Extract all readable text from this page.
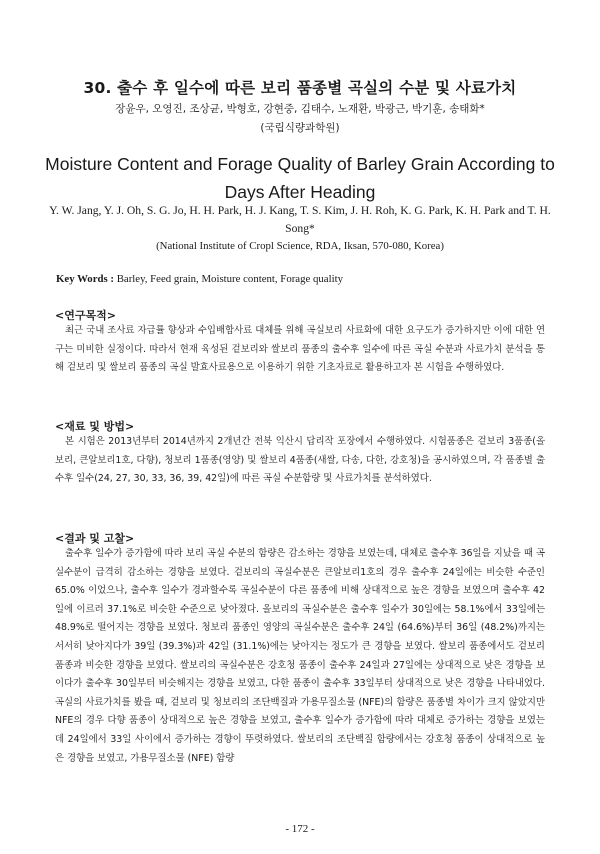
30. 출수 후 일수에 따른 보리 품종별 곡실의 수분 및 사료가치
장윤우, 오영진, 조상균, 박형호, 강현중, 김태수, 노재환, 박광근, 박기훈, 송태화*
(국립식량과학원)
Moisture Content and Forage Quality of Barley Grain According to Days After Heading
Y. W. Jang, Y. J. Oh, S. G. Jo, H. H. Park, H. J. Kang, T. S. Kim, J. H. Roh, K. G. Park, K. H. Park and T. H. Song*
(National Institute of Cropl Science, RDA, Iksan, 570-080, Korea)
Key Words : Barley, Feed grain, Moisture content, Forage quality
<연구목적>

최근 국내 조사료 자급률 향상과 수입배합사료 대체를 위해 곡실보리 사료화에 대한 요구도가 증가하지만 이에 대한 연구는 미비한 실정이다. 따라서 현재 육성된 겉보리와 쌀보리 품종의 출수후 일수에 따른 곡실 수분과 사료가치 분석을 통해 겉보리 및 쌀보리 품종의 곡실 발효사료용으로 이용하기 위한 기초자료로 활용하고자 본 시험을 수행하였다.

<재료 및 방법>

본 시험은 2013년부터 2014년까지 2개년간 전북 익산시 답리작 포장에서 수행하였다. 시험품종은 겉보리 3품종(올보리, 큰알보리1호, 다향), 청보리 1품종(영양) 및 쌀보리 4품종(새쌀, 다송, 다한, 강호청)을 공시하였으며, 각 품종별 출수후 일수(24, 27, 30, 33, 36, 39, 42일)에 따른 곡실 수분함량 및 사료가치를 분석하였다.

<결과 및 고찰>

출수후 일수가 증가함에 따라 보리 곡실 수분의 함량은 감소하는 경향을 보였는데, 대체로 출수후 36일을 지났을 때 곡실수분이 급격히 감소하는 경향을 보였다. 겉보리의 곡실수분은 큰알보리1호의 경우 출수후 24일에는 비슷한 수준인 65.0% 이었으나, 출수후 일수가 경과할수록 곡실수분이 다른 품종에 비해 상대적으로 높은 경향을 보였으며 출수후 42일에 이르러 37.1%로 비슷한 수준으로 낮아졌다. 올보리의 곡실수분은 출수후 일수가 30일에는 58.1%에서 33일에는 48.9%로 떨어지는 경향을 보였다. 청보리 품종인 영양의 곡실수분은 출수후 24일 (64.6%)부터 36일 (48.2%)까지는 서서히 낮아지다가 39일 (39.3%)과 42일 (31.1%)에는 낮아지는 정도가 큰 경향을 보였다. 쌀보리 품종에서도 겉보리 품종과 비슷한 경향을 보였다. 쌀보리의 곡실수분은 강호청 품종이 출수후 24일과 27일에는 상대적으로 낮은 경향을 보이다가 출수후 30일부터 비슷해지는 경향을 보였고, 다한 품종이 출수후 33일부터 상대적으로 낮은 경향을 나타내었다. 곡실의 사료가치를 봤을 때, 겉보리 및 청보리의 조단백질과 가용무질소물 (NFE)의 함량은 품종별 차이가 크지 않았지만 NFE의 경우 다향 품종이 상대적으로 높은 경향을 보였고, 출수후 일수가 증가함에 따라 대체로 증가하는 경향을 보였는데 24일에서 33일 사이에서 증가하는 경향이 뚜렷하였다. 쌀보리의 조단백질 함량에서는 강호청 품종이 상대적으로 높은 경향을 보였고, 가용무질소물 (NFE) 함량

- 172 -
